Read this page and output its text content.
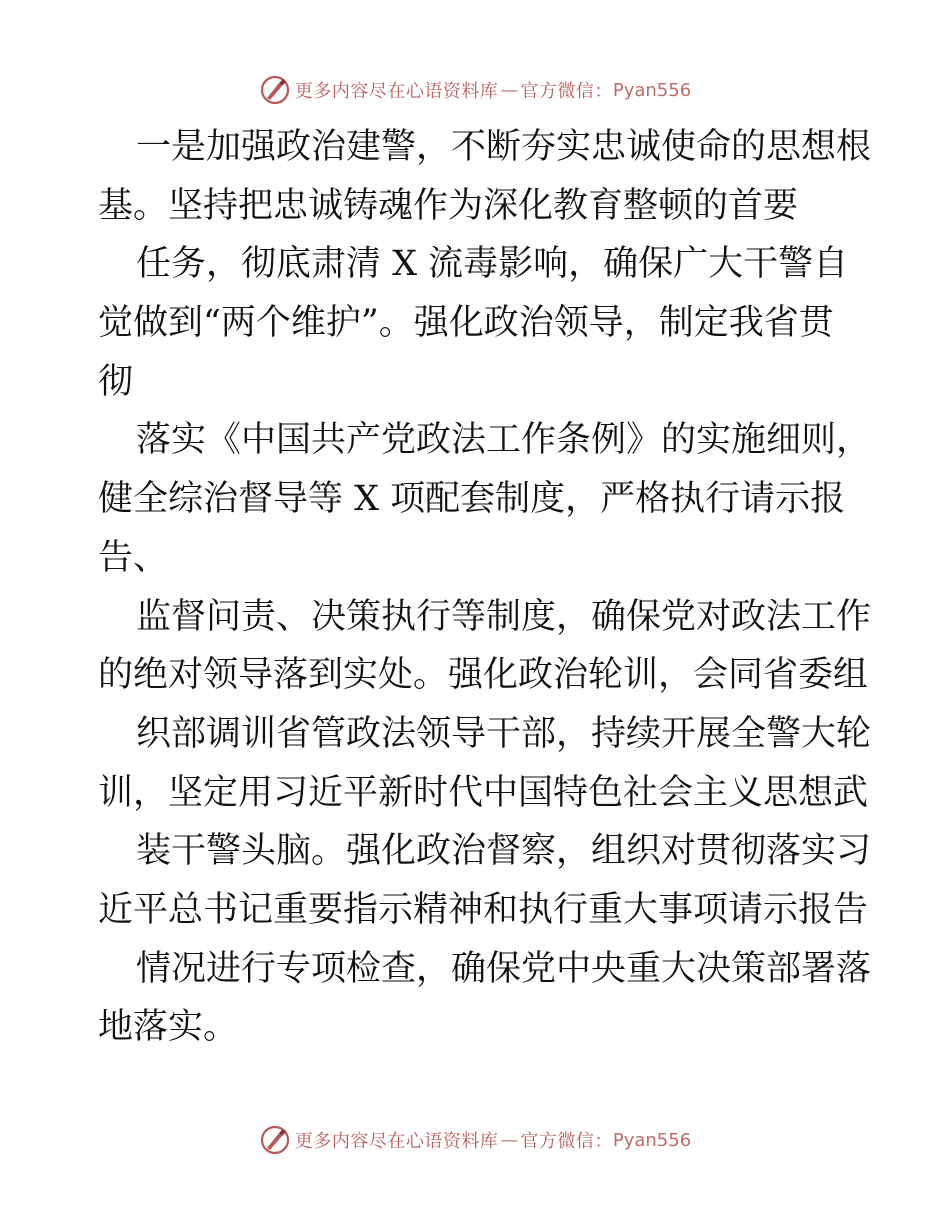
更多内容尽在心语资料库 — 官方微信： Pyan556
一是加强政治建警，不断夯实忠诚使命的思想根
基。坚持把忠诚铸魂作为深化教育整顿的首要
任务，彻底肃清 X 流毒影响，确保广大干警自
觉做到“两个维护”。强化政治领导，制定我省贯
彻
落实《中国共产党政法工作条例》的实施细则，
健全综治督导等 X 项配套制度，严格执行请示报
告、
监督问责、决策执行等制度，确保党对政法工作
的绝对领导落到实处。强化政治轮训，会同省委组
织部调训省管政法领导干部，持续开展全警大轮
训，坚定用习近平新时代中国特色社会主义思想武
装干警头脑。强化政治督察，组织对贯彻落实习
近平总书记重要指示精神和执行重大事项请示报告
情况进行专项检查，确保党中央重大决策部署落
地落实。
更多内容尽在心语资料库 — 官方微信： Pyan556
